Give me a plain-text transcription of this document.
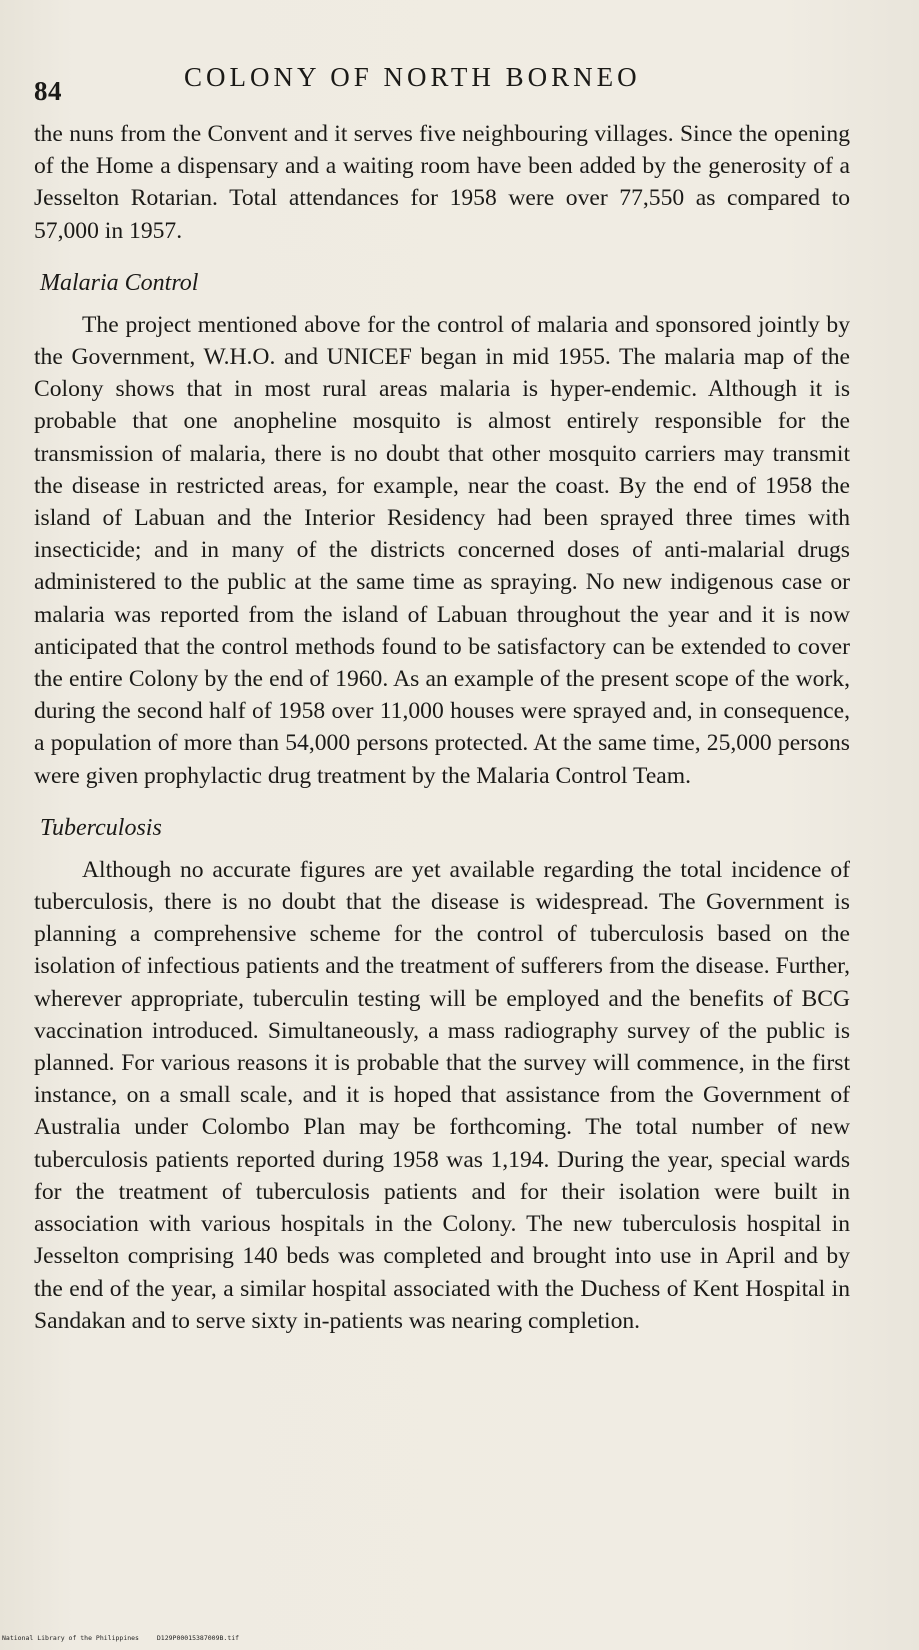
84	COLONY OF NORTH BORNEO

the nuns from the Convent and it serves five neighbouring villages. Since the opening of the Home a dispensary and a waiting room have been added by the generosity of a Jesselton Rotarian. Total attendances for 1958 were over 77,550 as compared to 57,000 in 1957.

Malaria Control

The project mentioned above for the control of malaria and sponsored jointly by the Government, W.H.O. and UNICEF began in mid 1955. The malaria map of the Colony shows that in most rural areas malaria is hyper-endemic. Although it is probable that one anopheline mosquito is almost entirely responsible for the transmission of malaria, there is no doubt that other mosquito carriers may transmit the disease in restricted areas, for example, near the coast. By the end of 1958 the island of Labuan and the Interior Residency had been sprayed three times with insecticide; and in many of the districts concerned doses of anti-malarial drugs administered to the public at the same time as spraying. No new indigenous case or malaria was reported from the island of Labuan throughout the year and it is now anticipated that the control methods found to be satisfactory can be extended to cover the entire Colony by the end of 1960. As an example of the present scope of the work, during the second half of 1958 over 11,000 houses were sprayed and, in consequence, a population of more than 54,000 persons protected. At the same time, 25,000 persons were given prophylactic drug treatment by the Malaria Control Team.

Tuberculosis

Although no accurate figures are yet available regarding the total incidence of tuberculosis, there is no doubt that the disease is widespread. The Government is planning a comprehensive scheme for the control of tuberculosis based on the isolation of infectious patients and the treatment of sufferers from the disease. Further, wherever appropriate, tuberculin testing will be employed and the benefits of BCG vaccination introduced. Simultaneously, a mass radiography survey of the public is planned. For various reasons it is probable that the survey will commence, in the first instance, on a small scale, and it is hoped that assistance from the Government of Australia under Colombo Plan may be forthcoming. The total number of new tuberculosis patients reported during 1958 was 1,194. During the year, special wards for the treatment of tuberculosis patients and for their isolation were built in association with various hospitals in the Colony. The new tuberculosis hospital in Jesselton comprising 140 beds was completed and brought into use in April and by the end of the year, a similar hospital associated with the Duchess of Kent Hospital in Sandakan and to serve sixty in-patients was nearing completion.

National Library of the Philippines	D129P00015387009B.tif
